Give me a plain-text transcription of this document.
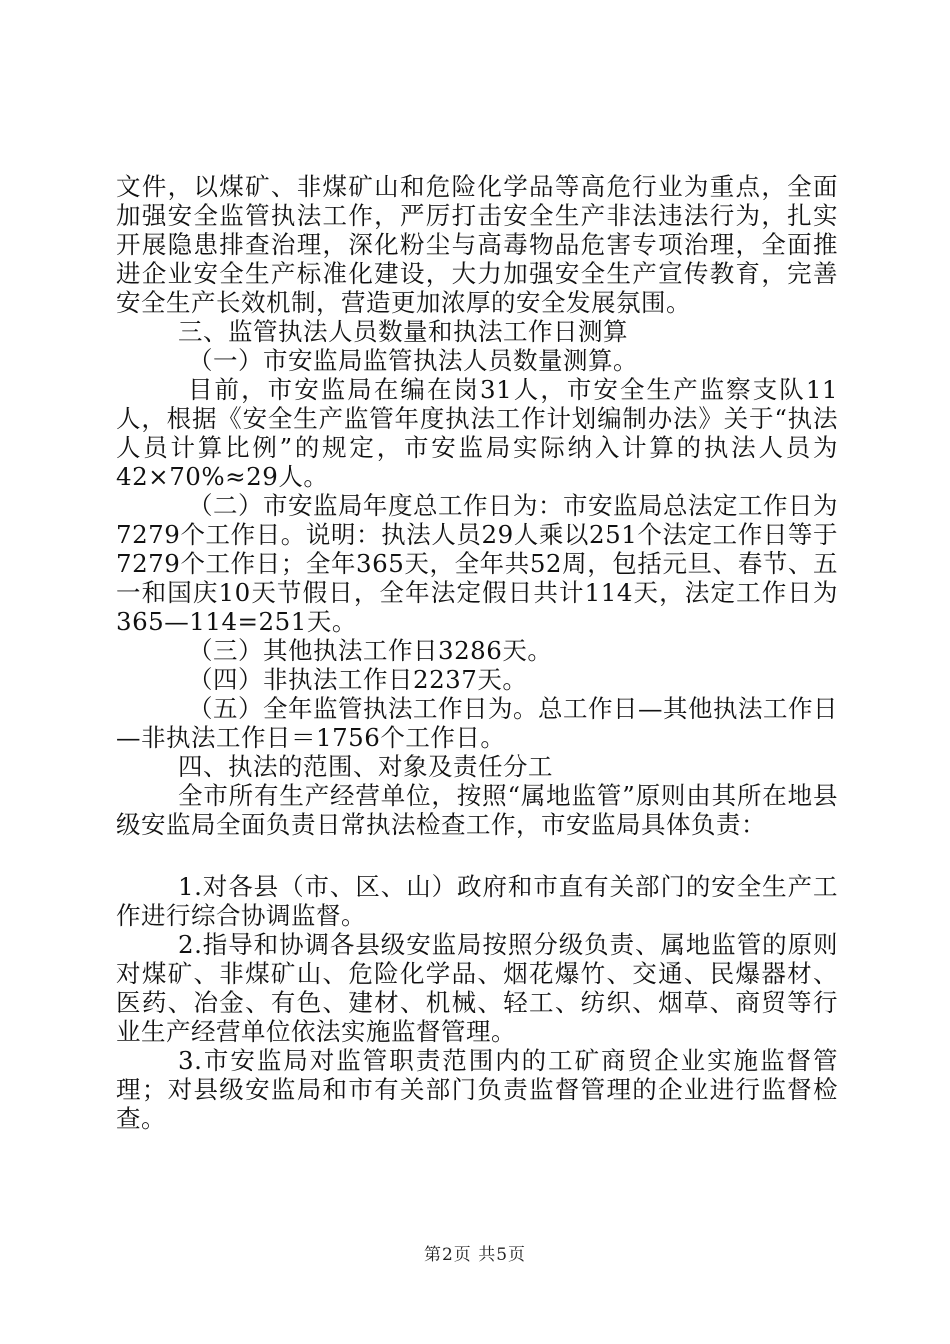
文件，以煤矿、非煤矿山和危险化学品等高危行业为重点，全面加强安全监管执法工作，严厉打击安全生产非法违法行为，扎实开展隐患排查治理，深化粉尘与高毒物品危害专项治理，全面推进企业安全生产标准化建设，大力加强安全生产宣传教育，完善安全生产长效机制，营造更加浓厚的安全发展氛围。

三、监管执法人员数量和执法工作日测算

（一）市安监局监管执法人员数量测算。

目前，市安监局在编在岗31人，市安全生产监察支队11人，根据《安全生产监管年度执法工作计划编制办法》关于“执法人员计算比例”的规定，市安监局实际纳入计算的执法人员为42×70%≈29人。

（二）市安监局年度总工作日为：市安监局总法定工作日为7279个工作日。说明：执法人员29人乘以251个法定工作日等于7279个工作日；全年365天，全年共52周，包括元旦、春节、五一和国庆10天节假日，全年法定假日共计114天，法定工作日为365—114=251天。

（三）其他执法工作日3286天。

（四）非执法工作日2237天。

（五）全年监管执法工作日为。总工作日—其他执法工作日—非执法工作日＝1756个工作日。

四、执法的范围、对象及责任分工

全市所有生产经营单位，按照“属地监管”原则由其所在地县级安监局全面负责日常执法检查工作，市安监局具体负责：

1.对各县（市、区、山）政府和市直有关部门的安全生产工作进行综合协调监督。

2.指导和协调各县级安监局按照分级负责、属地监管的原则对煤矿、非煤矿山、危险化学品、烟花爆竹、交通、民爆器材、医药、冶金、有色、建材、机械、轻工、纺织、烟草、商贸等行业生产经营单位依法实施监督管理。

3.市安监局对监管职责范围内的工矿商贸企业实施监督管理；对县级安监局和市有关部门负责监督管理的企业进行监督检查。

第2页 共5页
